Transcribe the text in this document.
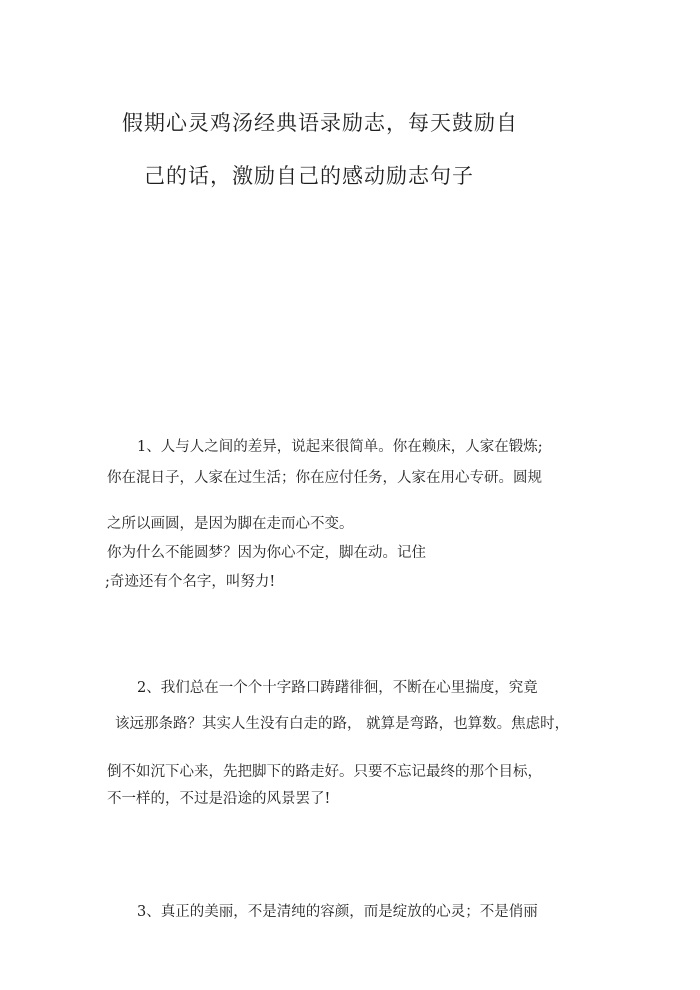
假期心灵鸡汤经典语录励志，每天鼓励自
己的话，激励自己的感动励志句子
1、人与人之间的差异，说起来很简单。你在赖床，人家在锻炼;
你在混日子，人家在过生活；你在应付任务，人家在用心专研。圆规
之所以画圆，是因为脚在走而心不变。
你为什么不能圆梦？因为你心不定，脚在动。记住
;奇迹还有个名字，叫努力!
2、我们总在一个个十字路口踌躇徘徊，不断在心里揣度，究竟
该远那条路？其实人生没有白走的路， 就算是弯路，也算数。焦虑时，
倒不如沉下心来，先把脚下的路走好。只要不忘记最终的那个目标，
不一样的，不过是沿途的风景罢了!
3、真正的美丽，不是清纯的容颜，而是绽放的心灵；不是俏丽
